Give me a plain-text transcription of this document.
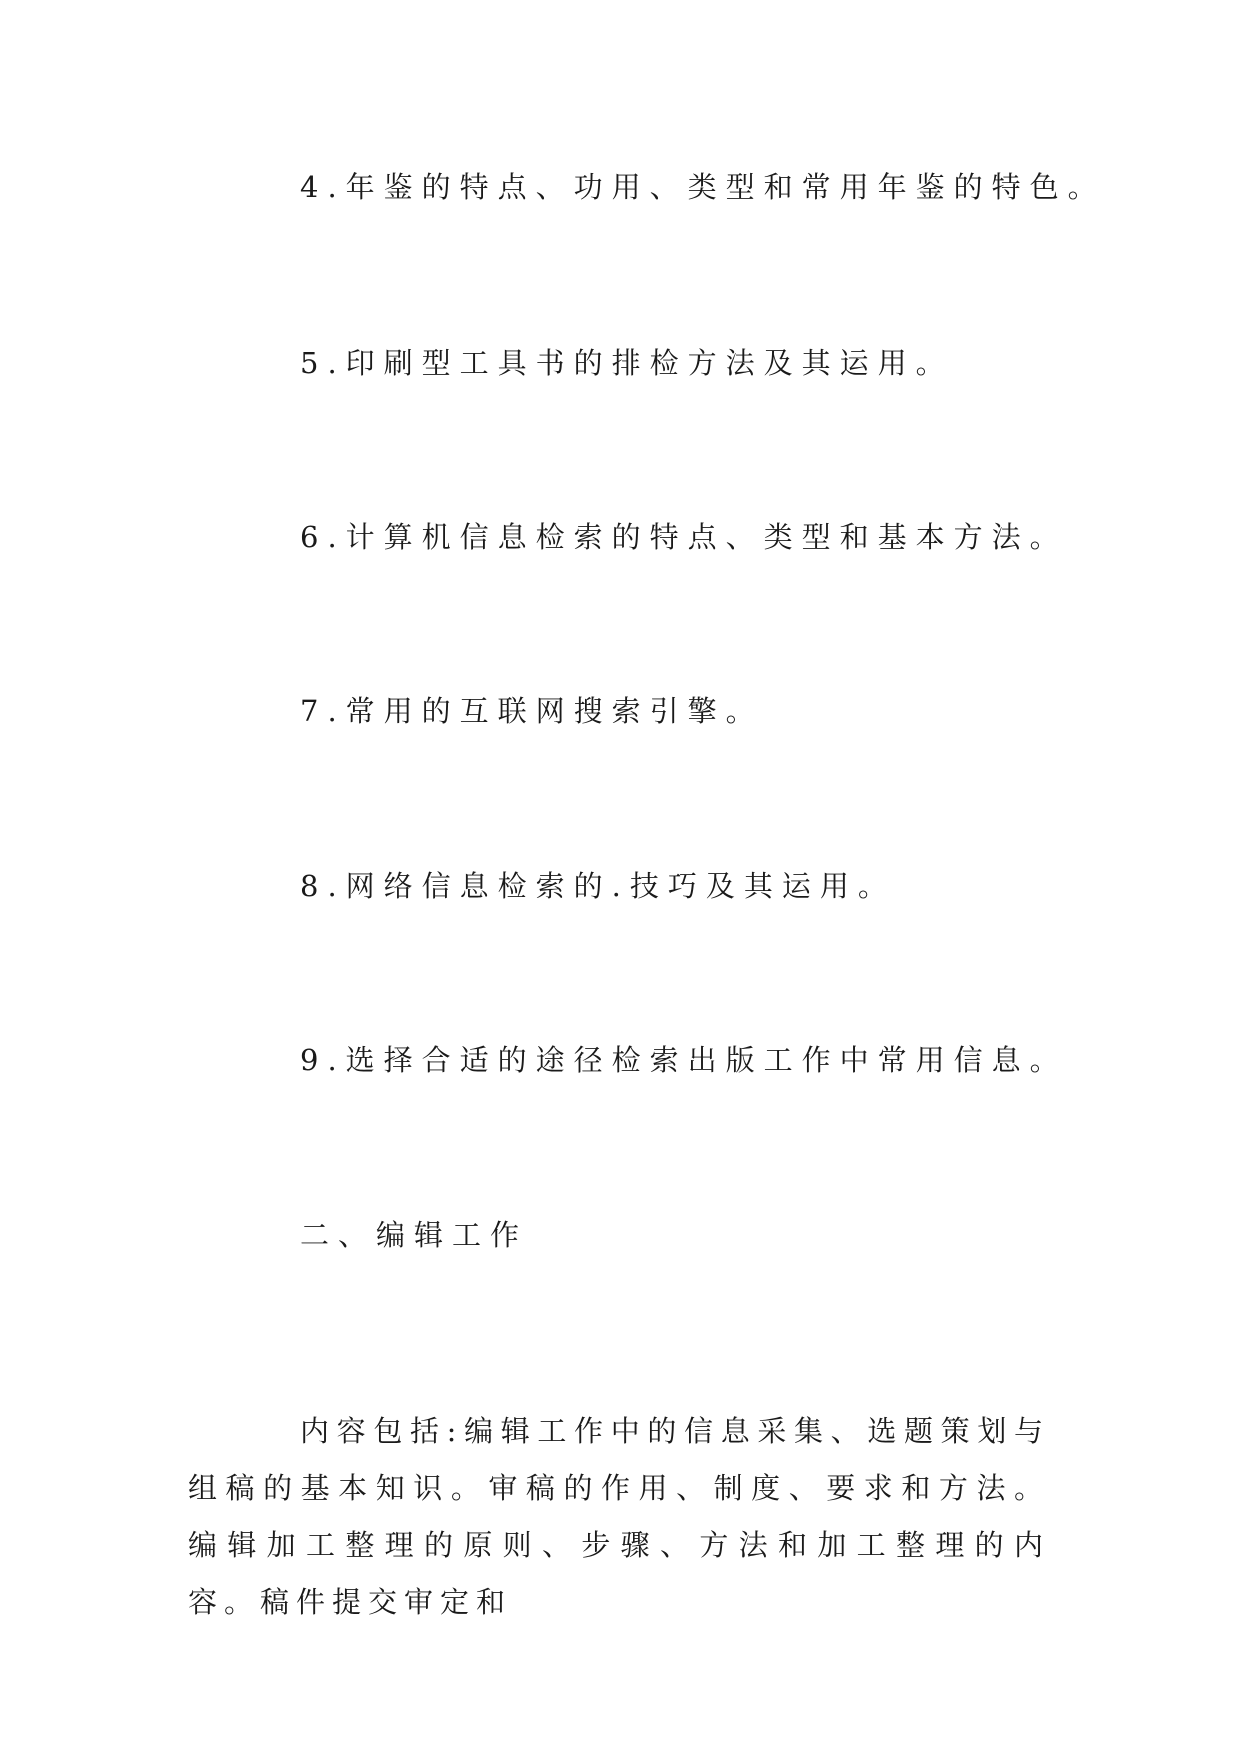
4.年鉴的特点、功用、类型和常用年鉴的特色。
5.印刷型工具书的排检方法及其运用。
6.计算机信息检索的特点、类型和基本方法。
7.常用的互联网搜索引擎。
8.网络信息检索的.技巧及其运用。
9.选择合适的途径检索出版工作中常用信息。
二、编辑工作

内容包括:编辑工作中的信息采集、选题策划与组稿的基本知识。审稿的作用、制度、要求和方法。编辑加工整理的原则、步骤、方法和加工整理的内容。稿件提交审定和
